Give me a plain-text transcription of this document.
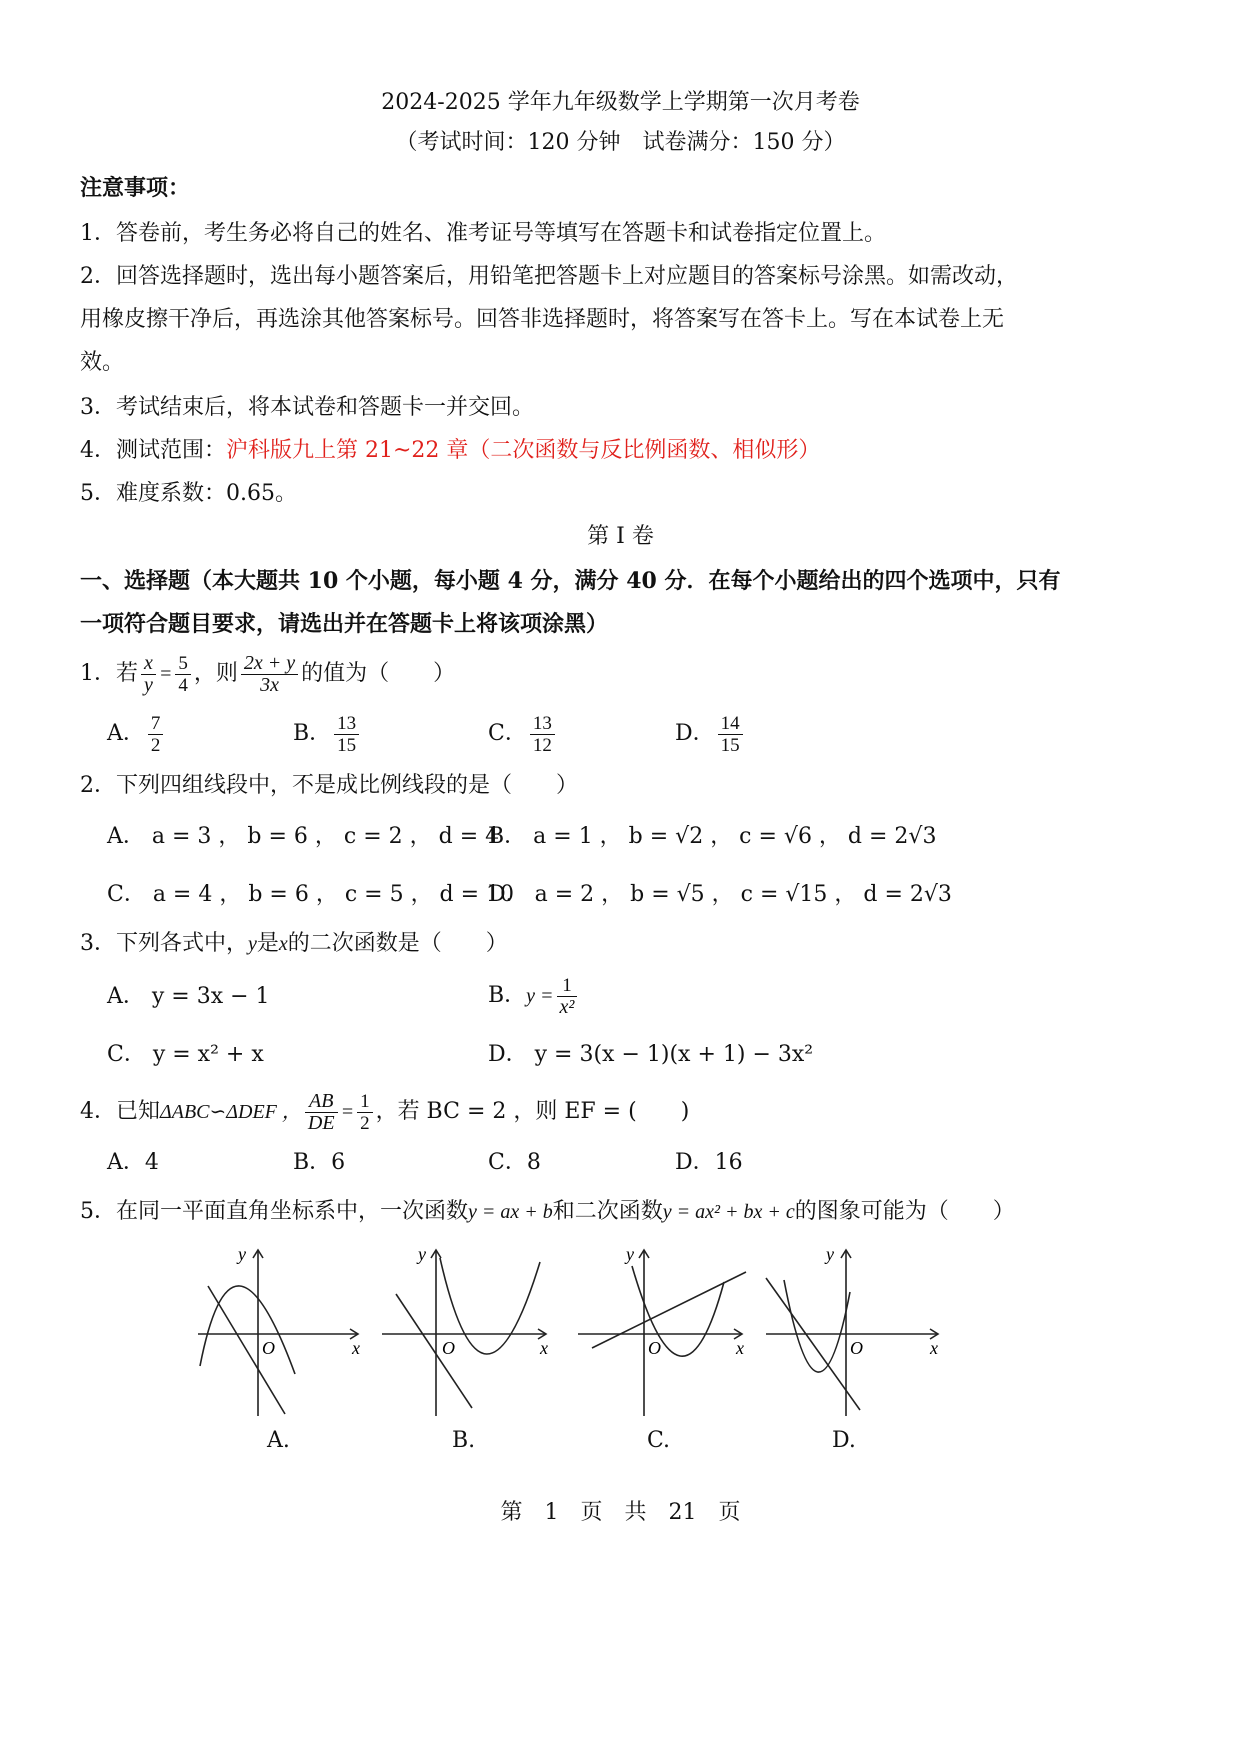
2024-2025 学年九年级数学上学期第一次月考卷
（考试时间：120 分钟　试卷满分：150 分）
注意事项：
1．答卷前，考生务必将自己的姓名、准考证号等填写在答题卡和试卷指定位置上。
2．回答选择题时，选出每小题答案后，用铅笔把答题卡上对应题目的答案标号涂黑。如需改动，
用橡皮擦干净后，再选涂其他答案标号。回答非选择题时，将答案写在答卡上。写在本试卷上无
效。
3．考试结束后，将本试卷和答题卡一并交回。
4．测试范围：沪科版九上第 21~22 章（二次函数与反比例函数、相似形）
5．难度系数：0.65。
第 I 卷
一、选择题（本大题共 10 个小题，每小题 4 分，满分 40 分．在每个小题给出的四个选项中，只有
一项符合题目要求，请选出并在答题卡上将该项涂黑）
1．若 $\frac{x}{y} = \frac{5}{4}$ ，则 $\frac{2x + y}{3x}$ 的值为（　　）
A． $\frac{7}{2}$	B． $\frac{13}{15}$	C． $\frac{13}{12}$	D． $\frac{14}{15}$
2．下列四组线段中，不是成比例线段的是（　　）
A． a = 3 ， b = 6 ， c = 2 ， d = 4
B． a = 1 ， b = √2 ， c = √6 ， d = 2√3
C． a = 4 ， b = 6 ， c = 5 ， d = 10
D． a = 2 ， b = √5 ， c = √15 ， d = 2√3
3．下列各式中，y是x的二次函数是（　　）
A． y = 3x − 1	B．$y = \frac{1}{\text{x²}}$
C． y = x² + x	D． y = 3(x − 1)(x + 1) − 3x²
4．已知ΔABC∽ΔDEF ， $\frac{AB}{DE} = \frac{1}{2}$ ，若 BC = 2 ，则 EF = (　　)
A．4	B．6	C．8	D．16
5．在同一平面直角坐标系中，一次函数y = ax + b和二次函数y = ax² + bx + c的图象可能为（　　）
y
x
O
A.
y
x
O
B.
y
x
O
C.
y
x
O
D.
第　1　页　共　21　页
